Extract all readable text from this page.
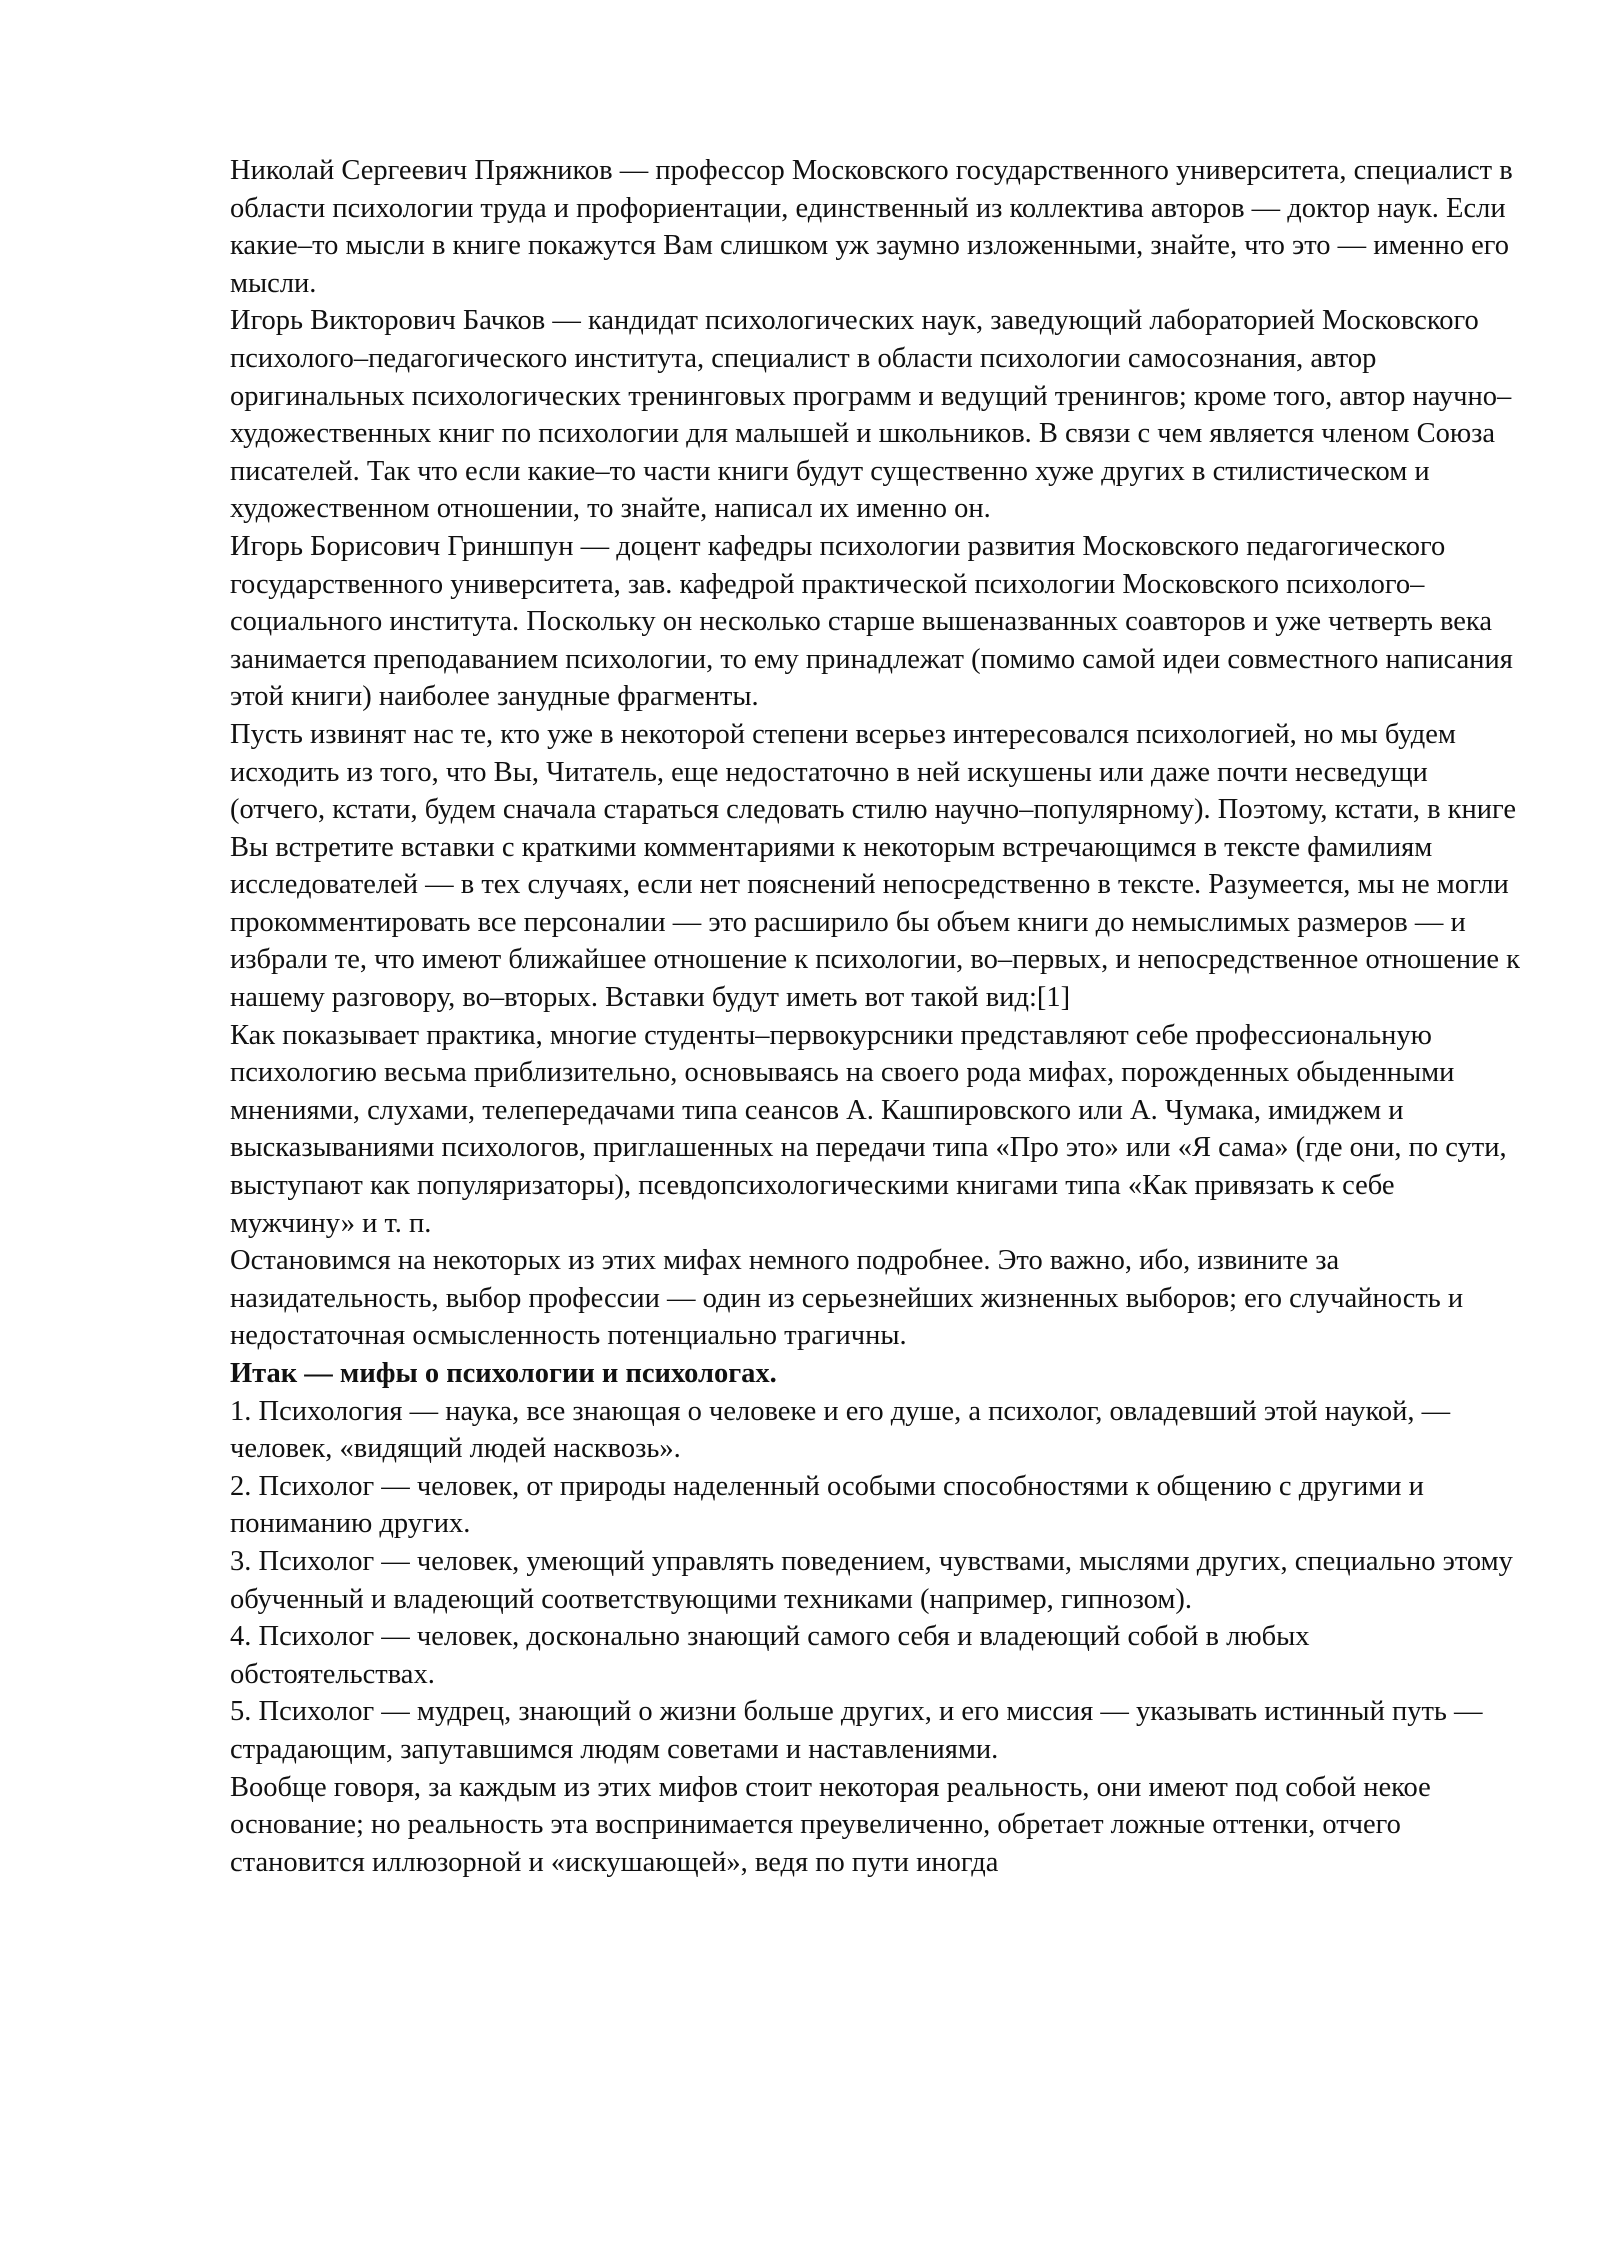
Николай Сергеевич Пряжников — профессор Московского государственного университета, специалист в области психологии труда и профориентации, единственный из коллектива авторов — доктор наук. Если какие–то мысли в книге покажутся Вам слишком уж заумно изложенными, знайте, что это — именно его мысли.

Игорь Викторович Бачков — кандидат психологических наук, заведующий лабораторией Московского психолого–педагогического института, специалист в области психологии самосознания, автор оригинальных психологических тренинговых программ и ведущий тренингов; кроме того, автор научно–художественных книг по психологии для малышей и школьников. В связи с чем является членом Союза писателей. Так что если какие–то части книги будут существенно хуже других в стилистическом и художественном отношении, то знайте, написал их именно он.

Игорь Борисович Гриншпун — доцент кафедры психологии развития Московского педагогического государственного университета, зав. кафедрой практической психологии Московского психолого–социального института. Поскольку он несколько старше вышеназванных соавторов и уже четверть века занимается преподаванием психологии, то ему принадлежат (помимо самой идеи совместного написания этой книги) наиболее занудные фрагменты.

Пусть извинят нас те, кто уже в некоторой степени всерьез интересовался психологией, но мы будем исходить из того, что Вы, Читатель, еще недостаточно в ней искушены или даже почти несведущи (отчего, кстати, будем сначала стараться следовать стилю научно–популярному). Поэтому, кстати, в книге Вы встретите вставки с краткими комментариями к некоторым встречающимся в тексте фамилиям исследователей — в тех случаях, если нет пояснений непосредственно в тексте. Разумеется, мы не могли прокомментировать все персоналии — это расширило бы объем книги до немыслимых размеров — и избрали те, что имеют ближайшее отношение к психологии, во–первых, и непосредственное отношение к нашему разговору, во–вторых. Вставки будут иметь вот такой вид:[1]

Как показывает практика, многие студенты–первокурсники представляют себе профессиональную психологию весьма приблизительно, основываясь на своего рода мифах, порожденных обыденными мнениями, слухами, телепередачами типа сеансов А. Кашпировского или А. Чумака, имиджем и высказываниями психологов, приглашенных на передачи типа «Про это» или «Я сама» (где они, по сути, выступают как популяризаторы), псевдопсихологическими книгами типа «Как привязать к себе мужчину» и т. п.

Остановимся на некоторых из этих мифах немного подробнее. Это важно, ибо, извините за назидательность, выбор профессии — один из серьезнейших жизненных выборов; его случайность и недостаточная осмысленность потенциально трагичны.

Итак — мифы о психологии и психологах.

1. Психология — наука, все знающая о человеке и его душе, а психолог, овладевший этой наукой, — человек, «видящий людей насквозь».

2. Психолог — человек, от природы наделенный особыми способностями к общению с другими и пониманию других.

3. Психолог — человек, умеющий управлять поведением, чувствами, мыслями других, специально этому обученный и владеющий соответствующими техниками (например, гипнозом).

4. Психолог — человек, досконально знающий самого себя и владеющий собой в любых обстоятельствах.

5. Психолог — мудрец, знающий о жизни больше других, и его миссия — указывать истинный путь — страдающим, запутавшимся людям советами и наставлениями.

Вообще говоря, за каждым из этих мифов стоит некоторая реальность, они имеют под собой некое основание; но реальность эта воспринимается преувеличенно, обретает ложные оттенки, отчего становится иллюзорной и «искушающей», ведя по пути иногда
